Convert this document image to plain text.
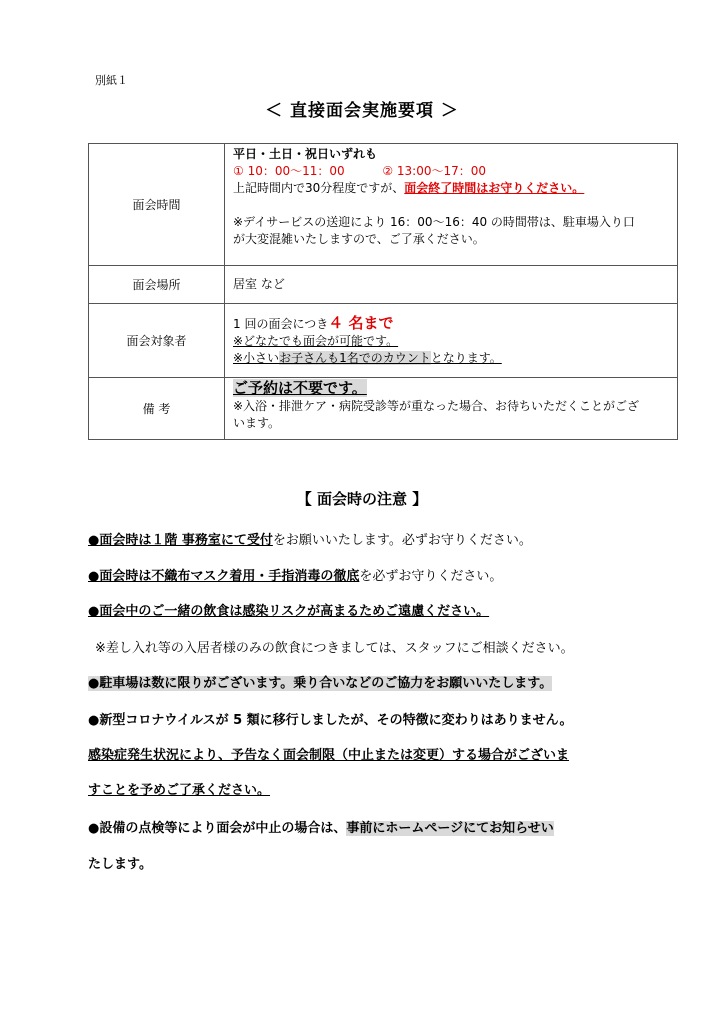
別紙１
＜ 直接面会実施要項 ＞
面会時間	平日・土日・祝日いずれも
① 10：00～11：00 ② 13:00～17：00
上記時間内で30分程度ですが、面会終了時間はお守りください。
※デイサービスの送迎により 16：00～16：40 の時間帯は、駐車場入り口
が大変混雑いたしますので、ご了承ください。

面会場所	居室 など
面会対象者	1 回の面会につき４ 名まで
※どなたでも面会が可能です。
※小さいお子さんも1名でのカウントとなります。

備 考	ご予約は不要です。
※入浴・排泄ケア・病院受診等が重なった場合、お待ちいただくことがござ
います。
【 面会時の注意 】
●面会時は１階 事務室にて受付をお願いいたします。必ずお守りください。
●面会時は不織布マスク着用・手指消毒の徹底を必ずお守りください。
●面会中のご一緒の飲食は感染リスクが高まるためご遠慮ください。
※差し入れ等の入居者様のみの飲食につきましては、スタッフにご相談ください。
●駐車場は数に限りがございます。乗り合いなどのご協力をお願いいたします。
●新型コロナウイルスが 5 類に移行しましたが、その特徴に変わりはありません。
感染症発生状況により、予告なく面会制限（中止または変更）する場合がございま
すことを予めご了承ください。
●設備の点検等により面会が中止の場合は、事前にホームページにてお知らせい
たします。
